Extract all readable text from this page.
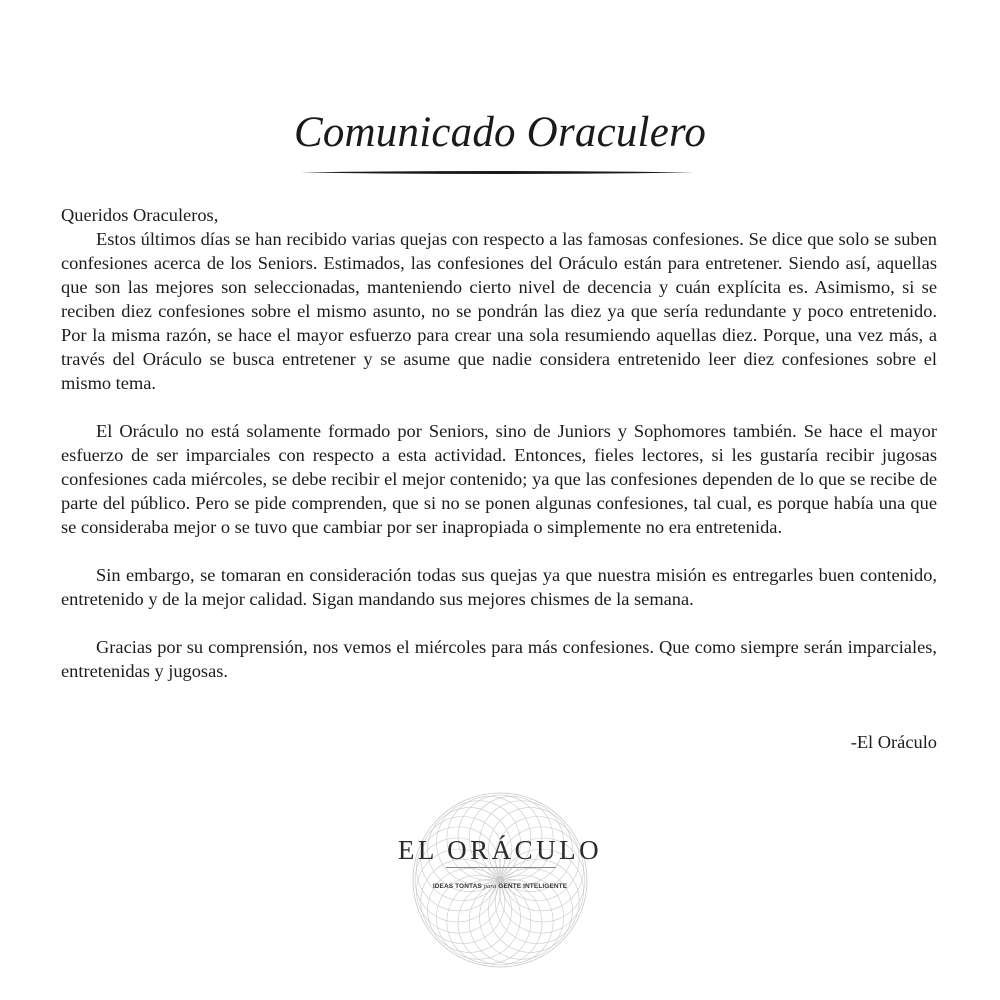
Comunicado Oraculero

Queridos Oraculeros,

Estos últimos días se han recibido varias quejas con respecto a las famosas confesiones. Se dice que solo se suben confesiones acerca de los Seniors. Estimados, las confesiones del Oráculo están para entretener. Siendo así, aquellas que son las mejores son seleccionadas, manteniendo cierto nivel de decencia y cuán explícita es. Asimismo, si se reciben diez confesiones sobre el mismo asunto, no se pondrán las diez ya que sería redundante y poco entretenido. Por la misma razón, se hace el mayor esfuerzo para crear una sola resumiendo aquellas diez. Porque, una vez más, a través del Oráculo se busca entretener y se asume que nadie considera entretenido leer diez confesiones sobre el mismo tema.

El Oráculo no está solamente formado por Seniors, sino de Juniors y Sophomores también. Se hace el mayor esfuerzo de ser imparciales con respecto a esta actividad. Entonces, fieles lectores, si les gustaría recibir jugosas confesiones cada miércoles, se debe recibir el mejor contenido; ya que las confesiones dependen de lo que se recibe de parte del público. Pero se pide comprenden, que si no se ponen algunas confesiones, tal cual, es porque había una que se consideraba mejor o se tuvo que cambiar por ser inapropiada o simplemente no era entretenida.

Sin embargo, se tomaran en consideración todas sus quejas ya que nuestra misión es entregarles buen contenido, entretenido y de la mejor calidad. Sigan mandando sus mejores chismes de la semana.

Gracias por su comprensión, nos vemos el miércoles para más confesiones. Que como siempre serán imparciales, entretenidas y jugosas.

-El Oráculo
EL ORÁCULO
IDEAS TONTAS para GENTE INTELIGENTE
